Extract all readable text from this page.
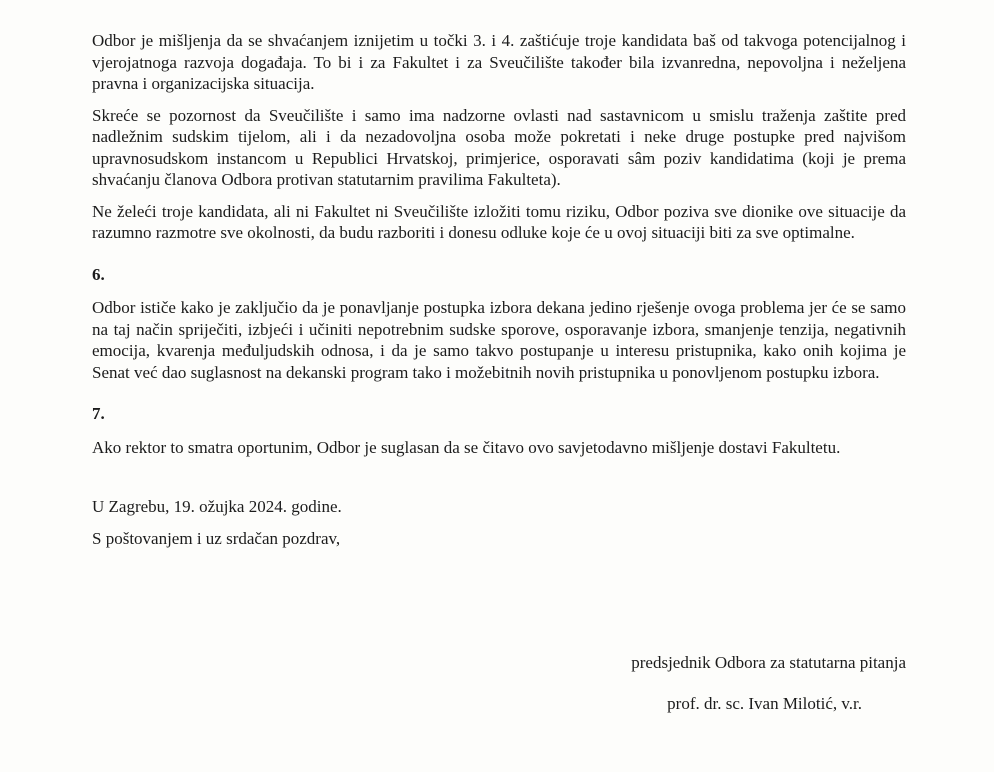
Odbor je mišljenja da se shvaćanjem iznijetim u točki 3. i 4. zaštićuje troje kandidata baš od takvoga potencijalnog i vjerojatnoga razvoja događaja. To bi i za Fakultet i za Sveučilište također bila izvanredna, nepovoljna i neželjena pravna i organizacijska situacija.

Skreće se pozornost da Sveučilište i samo ima nadzorne ovlasti nad sastavnicom u smislu traženja zaštite pred nadležnim sudskim tijelom, ali i da nezadovoljna osoba može pokretati i neke druge postupke pred najvišom upravnosudskom instancom u Republici Hrvatskoj, primjerice, osporavati sâm poziv kandidatima (koji je prema shvaćanju članova Odbora protivan statutarnim pravilima Fakulteta).

Ne želeći troje kandidata, ali ni Fakultet ni Sveučilište izložiti tomu riziku, Odbor poziva sve dionike ove situacije da razumno razmotre sve okolnosti, da budu razboriti i donesu odluke koje će u ovoj situaciji biti za sve optimalne.

6.

Odbor ističe kako je zaključio da je ponavljanje postupka izbora dekana jedino rješenje ovoga problema jer će se samo na taj način spriječiti, izbjeći i učiniti nepotrebnim sudske sporove, osporavanje izbora, smanjenje tenzija, negativnih emocija, kvarenja međuljudskih odnosa, i da je samo takvo postupanje u interesu pristupnika, kako onih kojima je Senat već dao suglasnost na dekanski program tako i možebitnih novih pristupnika u ponovljenom postupku izbora.

7.

Ako rektor to smatra oportunim, Odbor je suglasan da se čitavo ovo savjetodavno mišljenje dostavi Fakultetu.

U Zagrebu, 19. ožujka 2024. godine.

S poštovanjem i uz srdačan pozdrav,

predsjednik Odbora za statutarna pitanja

prof. dr. sc. Ivan Milotić, v.r.
